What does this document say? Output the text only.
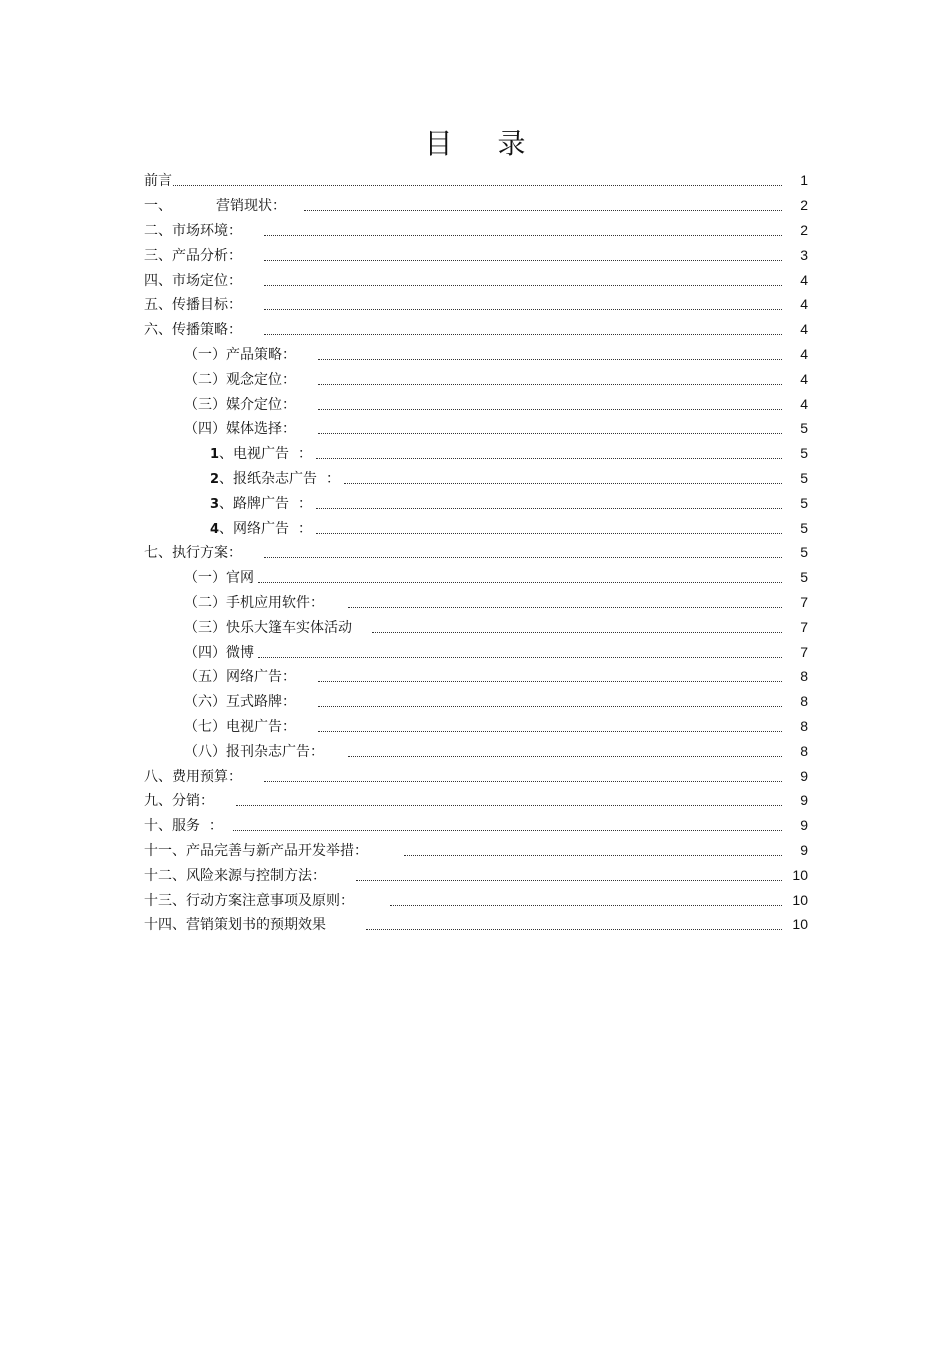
目 录
前言	1
一、	营销现状：	2
二、市场环境：	2
三、产品分析：	3
四、市场定位：	4
五、传播目标：	4
六、传播策略：	4
（一）产品策略：	4
（二）观念定位：	4
（三）媒介定位：	4
（四）媒体选择：	5
1、电视广告  ：	5
2、报纸杂志广告  ：	5
3、路牌广告  ：	5
4、网络广告  ：	5
七、执行方案：	5
（一）官网	5
（二）手机应用软件：	7
（三）快乐大篷车实体活动	7
（四）微博	7
（五）网络广告：	8
（六）互式路牌：	8
（七）电视广告：	8
（八）报刊杂志广告：	8
八、费用预算：	9
九、分销：	9
十、服务  ：	9
十一、产品完善与新产品开发举措：	9
十二、风险来源与控制方法：	10
十三、行动方案注意事项及原则：	10
十四、营销策划书的预期效果	10
